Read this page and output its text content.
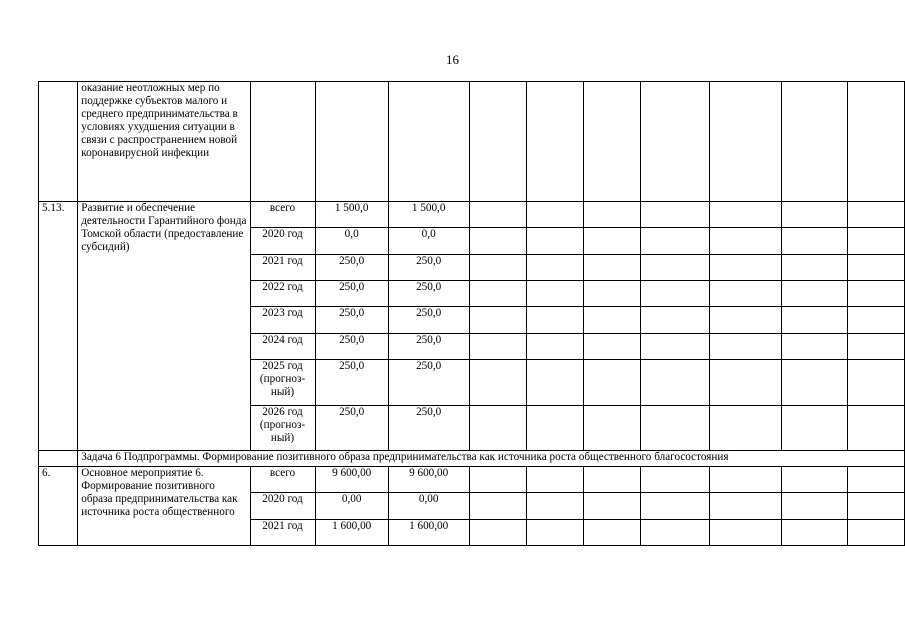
16
	оказание неотложных мер по поддержке субъектов малого и среднего предпринимательства в условиях ухудшения ситуации в связи с распространением новой коронавирусной инфекции										
5.13.	Развитие и обеспечение деятельности Гарантийного фонда Томской области (предоставление субсидий)	всего	1 500,0	1 500,0							
		2020 год	0,0	0,0							
		2021 год	250,0	250,0							
		2022 год	250,0	250,0							
		2023 год	250,0	250,0							
		2024 год	250,0	250,0							
		2025 год (прогноз-ный)	250,0	250,0							
		2026 год (прогноз-ный)	250,0	250,0							
	Задача 6 Подпрограммы. Формирование позитивного образа предпринимательства как источника роста общественного благосостояния										
6.	Основное мероприятие 6. Формирование позитивного образа предпринимательства как источника роста общественного	всего	9 600,00	9 600,00							
		2020 год	0,00	0,00							
		2021 год	1 600,00	1 600,00							
